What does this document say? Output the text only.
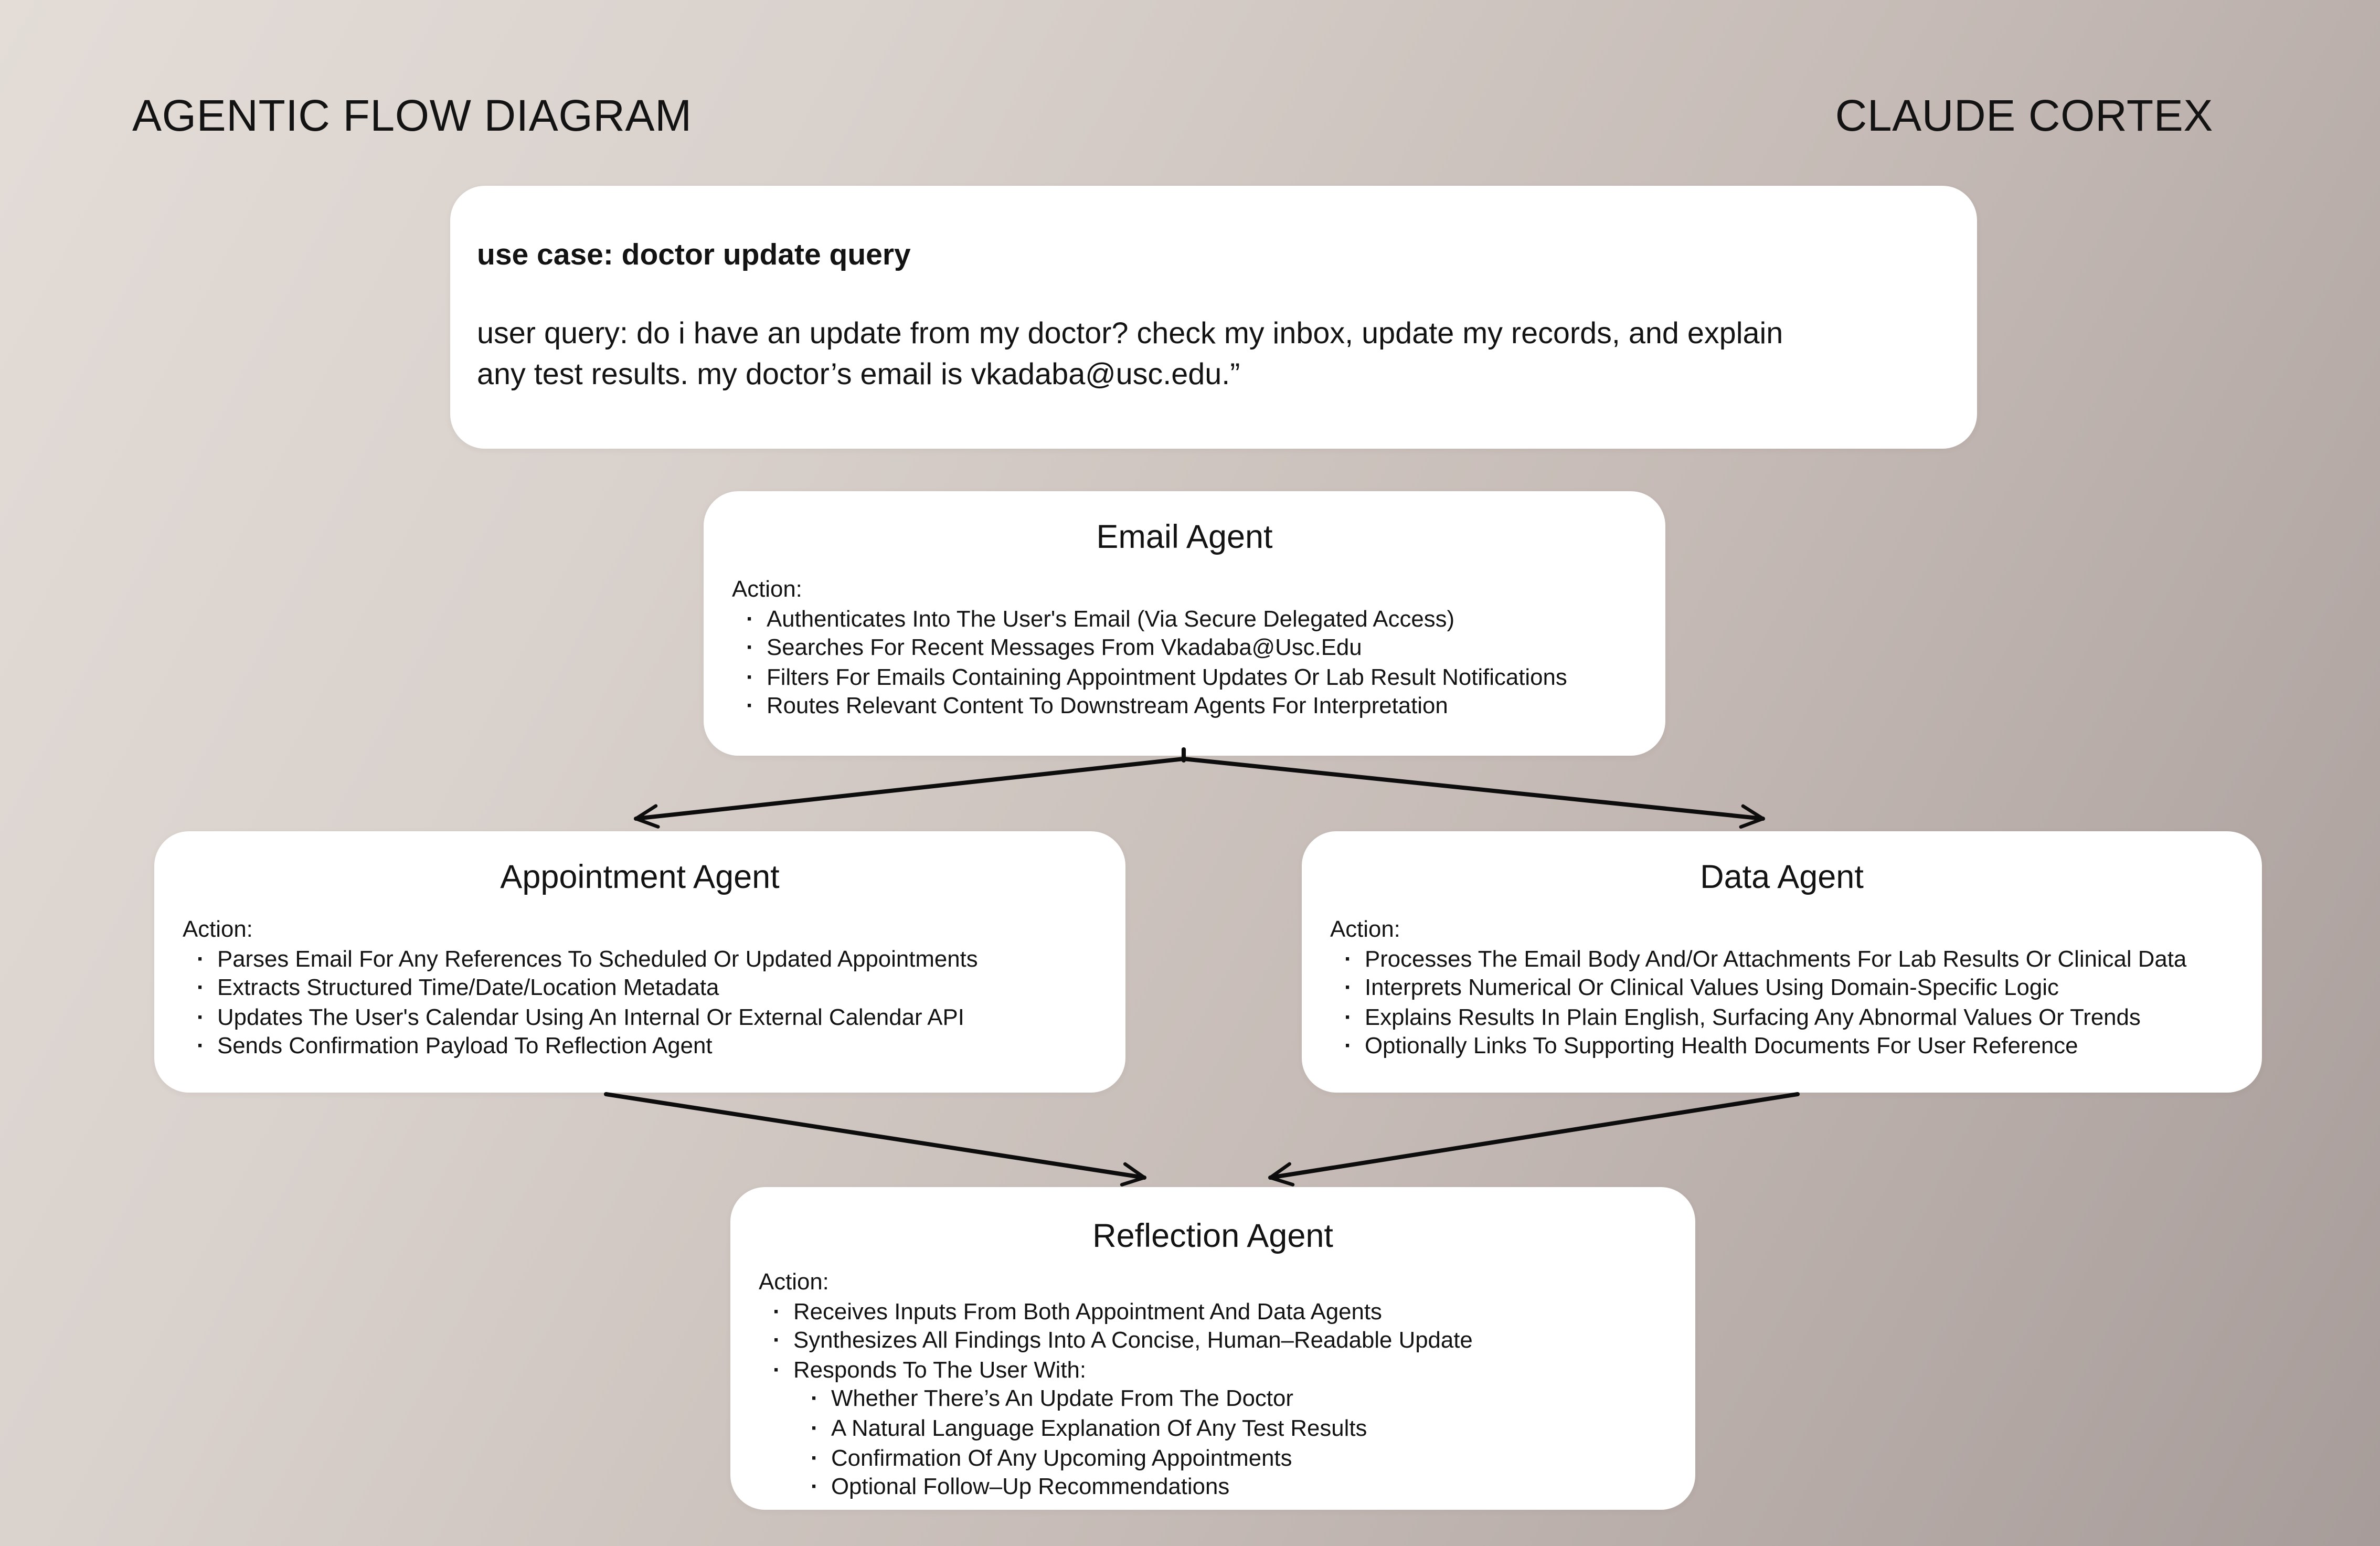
AGENTIC FLOW DIAGRAM	CLAUDE CORTEX
use case: doctor update query
user query: do i have an update from my doctor? check my inbox, update my records, and explain
any test results. my doctor’s email is vkadaba@usc.edu.”
Email Agent
Action:
· Authenticates Into The User's Email (Via Secure Delegated Access)
· Searches For Recent Messages From Vkadaba@Usc.Edu
· Filters For Emails Containing Appointment Updates Or Lab Result Notifications
· Routes Relevant Content To Downstream Agents For Interpretation
Appointment Agent
Action:
· Parses Email For Any References To Scheduled Or Updated Appointments
· Extracts Structured Time/Date/Location Metadata
· Updates The User's Calendar Using An Internal Or External Calendar API
· Sends Confirmation Payload To Reflection Agent
Data Agent
Action:
· Processes The Email Body And/Or Attachments For Lab Results Or Clinical Data
· Interprets Numerical Or Clinical Values Using Domain-Specific Logic
· Explains Results In Plain English, Surfacing Any Abnormal Values Or Trends
· Optionally Links To Supporting Health Documents For User Reference
Reflection Agent
Action:
· Receives Inputs From Both Appointment And Data Agents
· Synthesizes All Findings Into A Concise, Human–Readable Update
· Responds To The User With:
· Whether There’s An Update From The Doctor
· A Natural Language Explanation Of Any Test Results
· Confirmation Of Any Upcoming Appointments
· Optional Follow–Up Recommendations
